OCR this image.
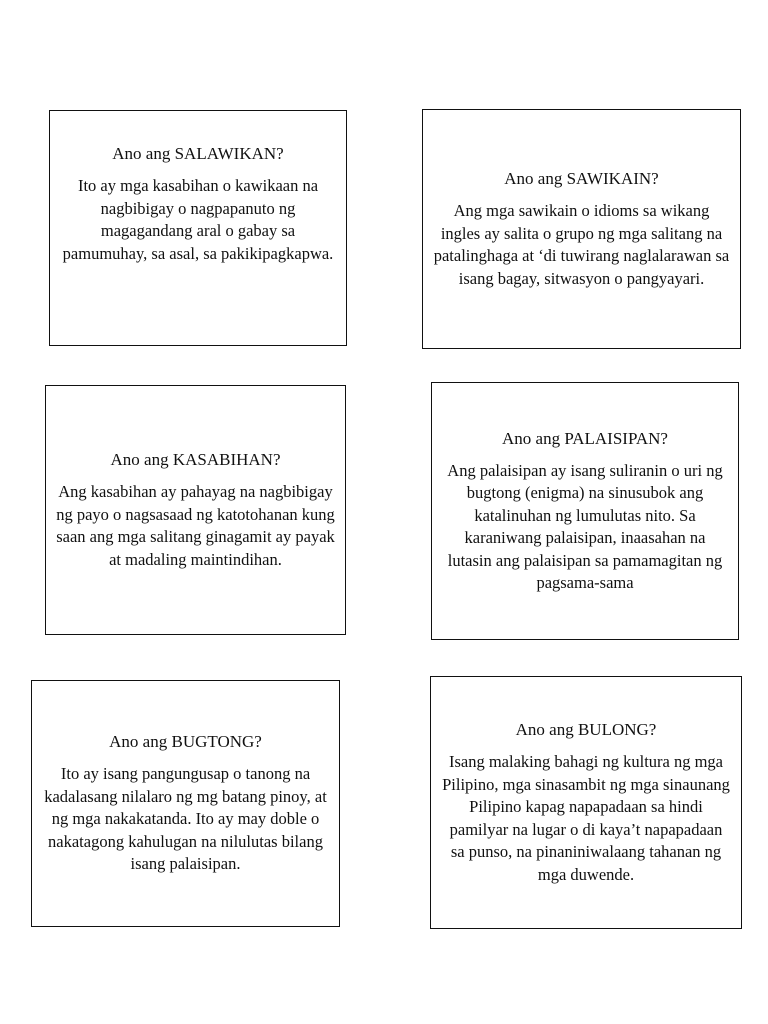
Ano ang SALAWIKAN?

Ito ay mga kasabihan o kawikaan na nagbibigay o nagpapanuto ng magagandang aral o gabay sa pamumuhay, sa asal, sa pakikipagkapwa.

Ano ang SAWIKAIN?

Ang mga sawikain o idioms sa wikang ingles ay salita o grupo ng mga salitang na patalinghaga at ‘di tuwirang naglalarawan sa isang bagay, sitwasyon o pangyayari.

Ano ang KASABIHAN?

Ang kasabihan ay pahayag na nagbibigay ng payo o nagsasaad ng katotohanan kung saan ang mga salitang ginagamit ay payak at madaling maintindihan.

Ano ang PALAISIPAN?

Ang palaisipan ay isang suliranin o uri ng bugtong (enigma) na sinusubok ang katalinuhan ng lumulutas nito. Sa karaniwang palaisipan, inaasahan na lutasin ang palaisipan sa pamamagitan ng pagsama-sama

Ano ang BUGTONG?

Ito ay isang pangungusap o tanong na kadalasang nilalaro ng mg batang pinoy, at ng mga nakakatanda. Ito ay may doble o nakatagong kahulugan na nilulutas bilang isang palaisipan.

Ano ang BULONG?

Isang malaking bahagi ng kultura ng mga Pilipino, mga sinasambit ng mga sinaunang Pilipino kapag napapadaan sa hindi pamilyar na lugar o di kaya’t napapadaan sa punso, na pinaniniwalaang tahanan ng mga duwende.
